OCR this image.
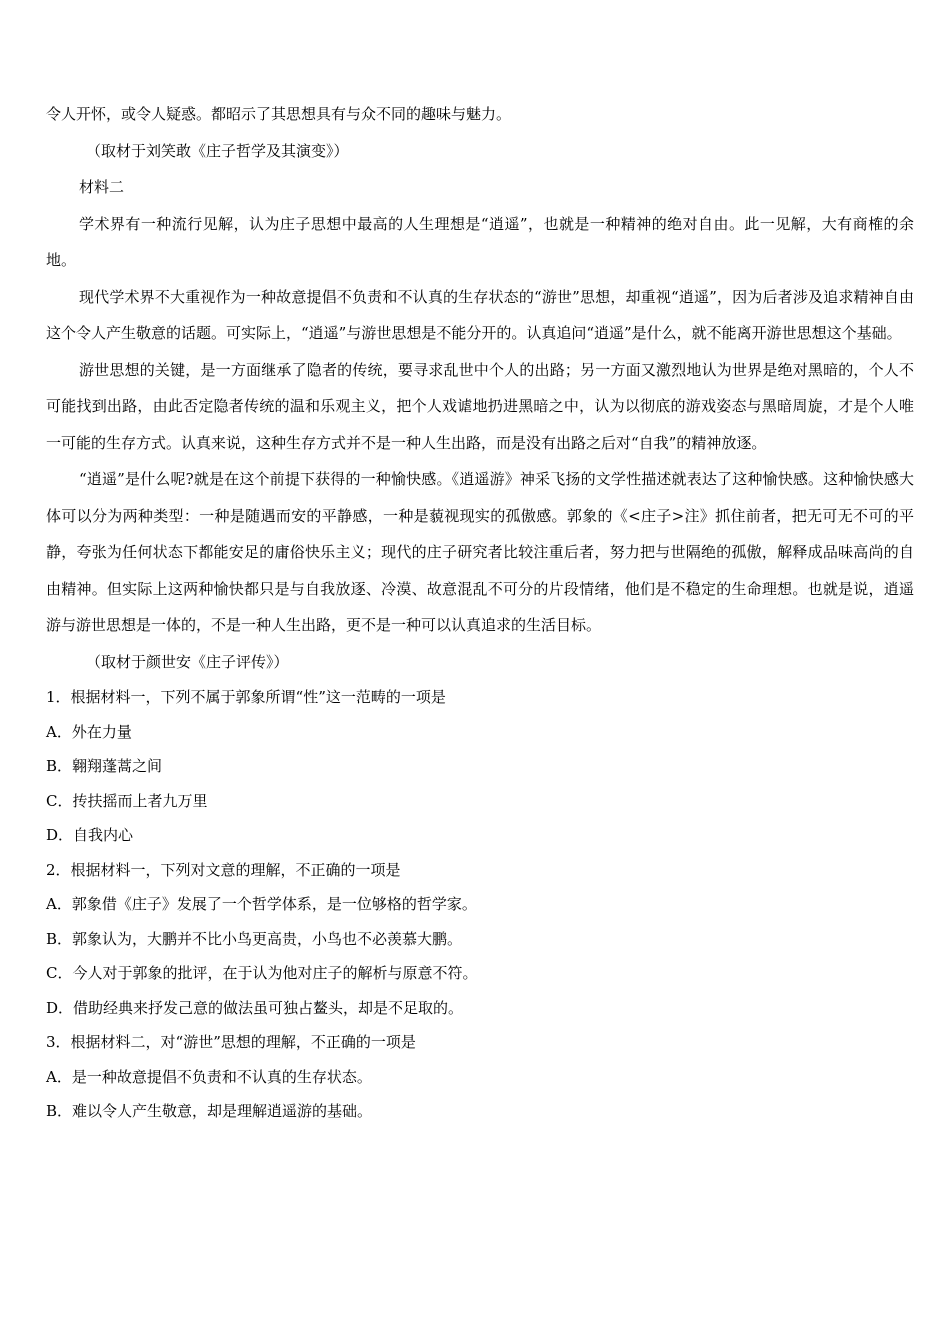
令人开怀，或令人疑惑。都昭示了其思想具有与众不同的趣味与魅力。

（取材于刘笑敢《庄子哲学及其演变》）

材料二

学术界有一种流行见解，认为庄子思想中最高的人生理想是“逍遥”，也就是一种精神的绝对自由。此一见解，大有商榷的余地。

现代学术界不大重视作为一种故意提倡不负责和不认真的生存状态的“游世”思想，却重视“逍遥”，因为后者涉及追求精神自由这个令人产生敬意的话题。可实际上，“逍遥”与游世思想是不能分开的。认真追问“逍遥”是什么，就不能离开游世思想这个基础。

游世思想的关键，是一方面继承了隐者的传统，要寻求乱世中个人的出路；另一方面又激烈地认为世界是绝对黑暗的，个人不可能找到出路，由此否定隐者传统的温和乐观主义，把个人戏谑地扔进黑暗之中，认为以彻底的游戏姿态与黑暗周旋，才是个人唯一可能的生存方式。认真来说，这种生存方式并不是一种人生出路，而是没有出路之后对“自我”的精神放逐。

“逍遥”是什么呢?就是在这个前提下获得的一种愉快感。《逍遥游》神采飞扬的文学性描述就表达了这种愉快感。这种愉快感大体可以分为两种类型：一种是随遇而安的平静感，一种是藐视现实的孤傲感。郭象的《<庄子>注》抓住前者，把无可无不可的平静，夸张为任何状态下都能安足的庸俗快乐主义；现代的庄子研究者比较注重后者，努力把与世隔绝的孤傲，解释成品味高尚的自由精神。但实际上这两种愉快都只是与自我放逐、冷漠、故意混乱不可分的片段情绪，他们是不稳定的生命理想。也就是说，逍遥游与游世思想是一体的，不是一种人生出路，更不是一种可以认真追求的生活目标。

（取材于颜世安《庄子评传》）

1．根据材料一，下列不属于郭象所谓“性”这一范畴的一项是

A．外在力量

B．翱翔蓬蒿之间

C．抟扶摇而上者九万里

D．自我内心

2．根据材料一，下列对文意的理解，不正确的一项是

A．郭象借《庄子》发展了一个哲学体系，是一位够格的哲学家。

B．郭象认为，大鹏并不比小鸟更高贵，小鸟也不必羡慕大鹏。

C．今人对于郭象的批评，在于认为他对庄子的解析与原意不符。

D．借助经典来抒发己意的做法虽可独占鳌头，却是不足取的。

3．根据材料二，对“游世”思想的理解，不正确的一项是

A．是一种故意提倡不负责和不认真的生存状态。

B．难以令人产生敬意，却是理解逍遥游的基础。
